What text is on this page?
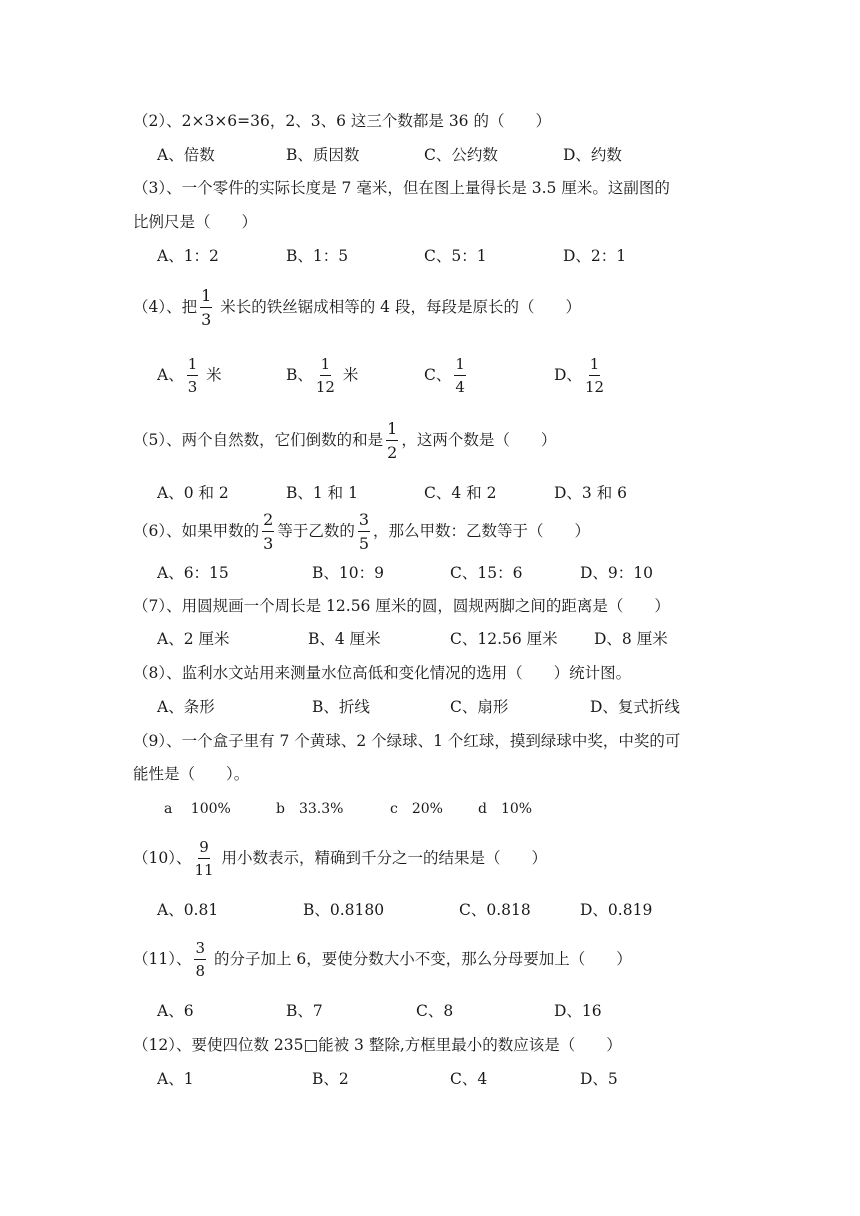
（2）、2×3×6=36，2、3、6 这三个数都是 36 的（　　）
A、倍数	B、质因数	C、公约数	D、约数
（3）、一个零件的实际长度是 7 毫米，但在图上量得长是 3.5 厘米。这副图的
比例尺是（　　）
A、1：2	B、1：5	C、5：1	D、2：1
（4）、把 $\frac{1}{3}$ 米长的铁丝锯成相等的 4 段，每段是原长的（　　）
A、 $\frac{1}{3}$ 米	B、 $\frac{1}{12}$ 米	C、 $\frac{1}{4}$	D、 $\frac{1}{12}$
（5）、两个自然数，它们倒数的和是 $\frac{1}{2}$ ，这两个数是（　　）
A、0 和 2	B、1 和 1	C、4 和 2	D、3 和 6
（6）、如果甲数的 $\frac{2}{3}$ 等于乙数的 $\frac{3}{5}$ ，那么甲数：乙数等于（　　）
A、6：15	B、10：9	C、15：6	D、9：10
（7）、用圆规画一个周长是 12.56 厘米的圆，圆规两脚之间的距离是（　　）
A、2 厘米	B、4 厘米	C、12.56 厘米 D、8 厘米
（8）、监利水文站用来测量水位高低和变化情况的选用（　　）统计图。
A、条形	B、折线	C、扇形	D、复式折线
（9）、一个盒子里有 7 个黄球、2 个绿球、1 个红球，摸到绿球中奖，中奖的可
能性是（　　）。
a　 100%	b　33.3%	c　20%	d　10%
（10）、 $\frac{9}{11}$ 用小数表示，精确到千分之一的结果是（　　）
A、0.81	B、0.8180	C、0.818	D、0.819
（11）、 $\frac{3}{8}$ 的分子加上 6，要使分数大小不变，那么分母要加上（　　）
A、6	B、7	C、8	D、16
（12）、要使四位数 235□能被 3 整除,方框里最小的数应该是（　　）
A、1	B、2	C、4	D、5
